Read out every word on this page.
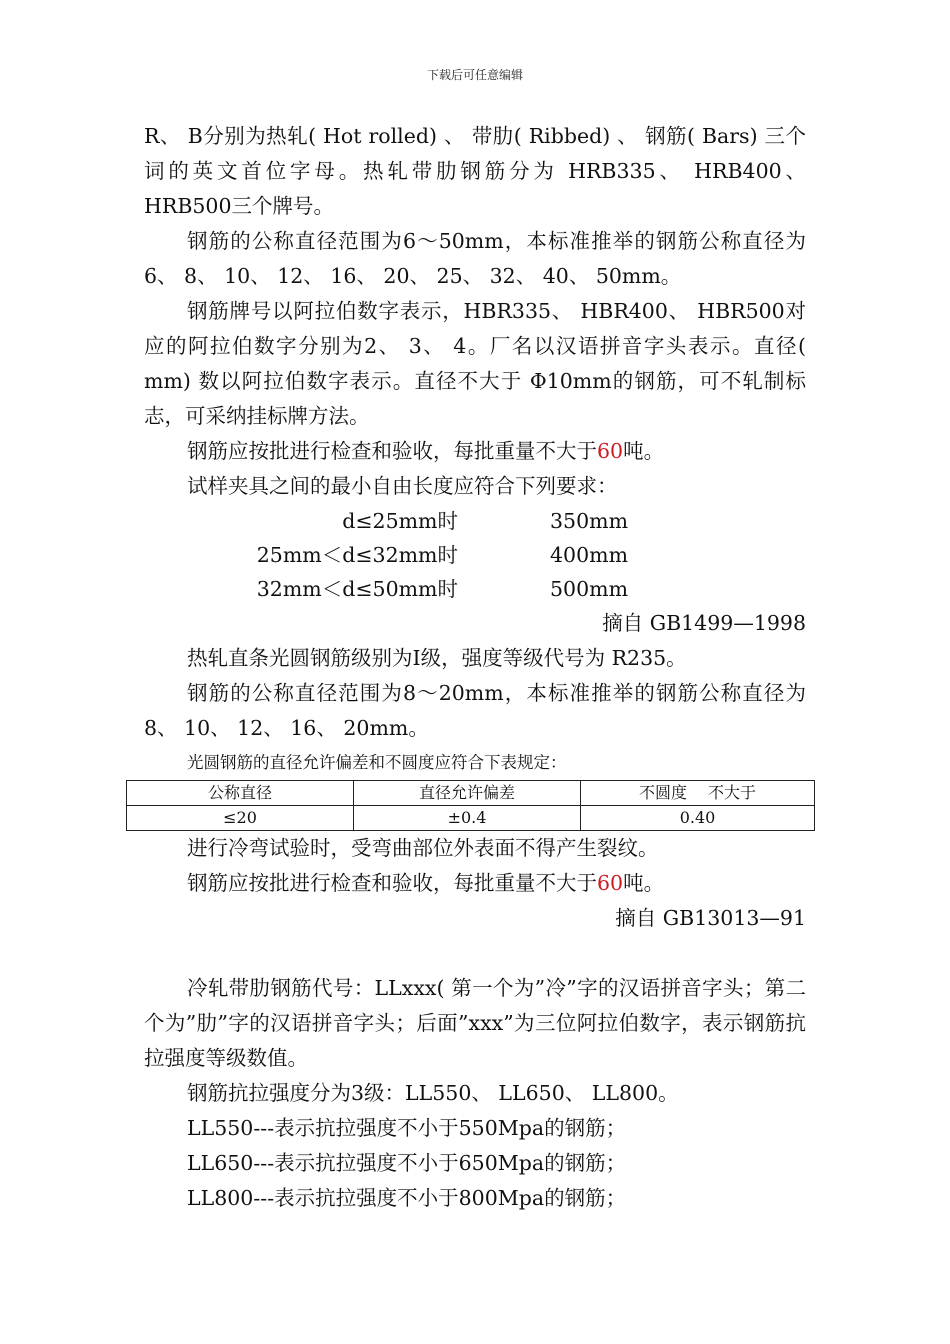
下载后可任意编辑

R、 B分别为热轧( Hot rolled) 、 带肋( Ribbed) 、 钢筋( Bars) 三个词的英文首位字母。热轧带肋钢筋分为 HRB335、 HRB400、 HRB500三个牌号。

钢筋的公称直径范围为6～50mm，本标准推举的钢筋公称直径为6、 8、 10、 12、 16、 20、 25、 32、 40、 50mm。

钢筋牌号以阿拉伯数字表示，HBR335、 HBR400、 HBR500对应的阿拉伯数字分别为2、 3、 4。厂名以汉语拼音字头表示。直径( mm) 数以阿拉伯数字表示。直径不大于 Φ10mm的钢筋，可不轧制标志，可采纳挂标牌方法。

钢筋应按批进行检查和验收，每批重量不大于60吨。

试样夹具之间的最小自由长度应符合下列要求：

d≤25mm时	350mm
25mm＜d≤32mm时	400mm
32mm＜d≤50mm时	500mm

摘自 GB1499—1998

热轧直条光圆钢筋级别为Ⅰ级，强度等级代号为 R235。

钢筋的公称直径范围为8～20mm，本标准推举的钢筋公称直径为8、 10、 12、 16、 20mm。

光圆钢筋的直径允许偏差和不圆度应符合下表规定：

公称直径	直径允许偏差	不圆度　 不大于
≤20	±0.4	0.40

进行冷弯试验时，受弯曲部位外表面不得产生裂纹。

钢筋应按批进行检查和验收，每批重量不大于60吨。

摘自 GB13013—91

冷轧带肋钢筋代号：LLxxx( 第一个为”冷”字的汉语拼音字头；第二个为”肋”字的汉语拼音字头；后面”xxx”为三位阿拉伯数字，表示钢筋抗拉强度等级数值。

钢筋抗拉强度分为3级：LL550、 LL650、 LL800。

LL550---表示抗拉强度不小于550Mpa的钢筋；

LL650---表示抗拉强度不小于650Mpa的钢筋；

LL800---表示抗拉强度不小于800Mpa的钢筋；
